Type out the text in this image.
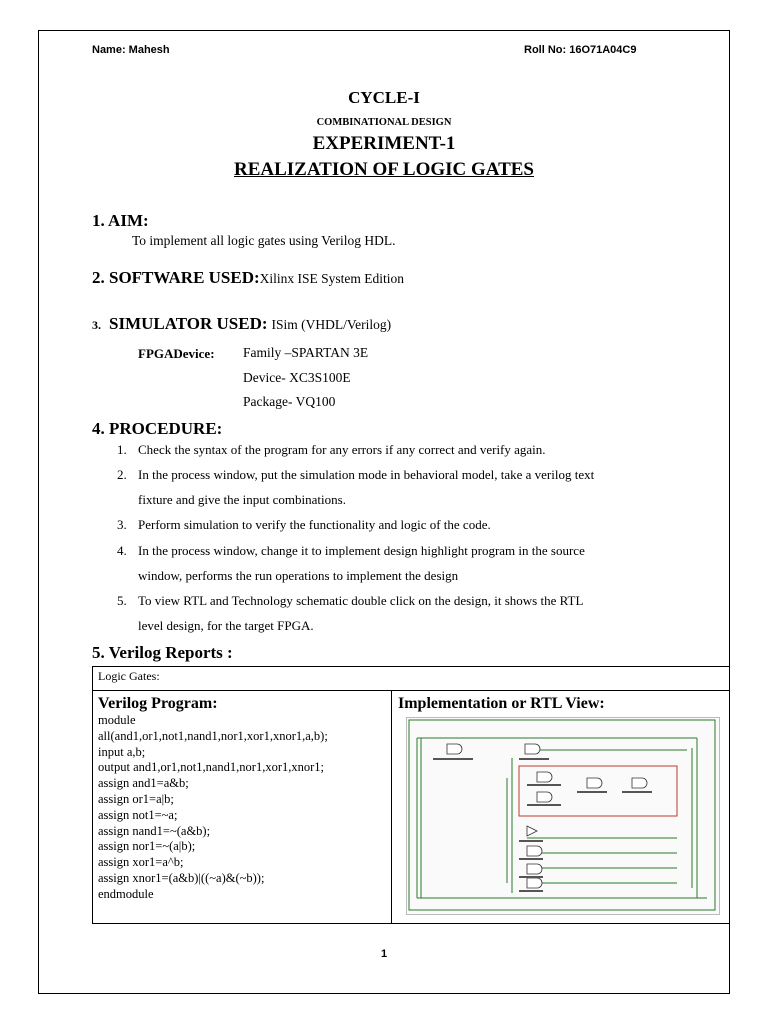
Name: Mahesh	Roll No: 16O71A04C9
CYCLE-I
COMBINATIONAL DESIGN
EXPERIMENT-1
REALIZATION OF LOGIC GATES
1. AIM:
To implement all logic gates using Verilog HDL.
2. SOFTWARE USED:Xilinx ISE System Edition
3. SIMULATOR USED: ISim (VHDL/Verilog)
FPGADevice: Family –SPARTAN 3E
Device- XC3S100E
Package- VQ100
4. PROCEDURE:
1. Check the syntax of the program for any errors if any correct and verify again.
2. In the process window, put the simulation mode in behavioral model, take a verilog text
fixture and give the input combinations.
3. Perform simulation to verify the functionality and logic of the code.
4. In the process window, change it to implement design highlight program in the source
window, performs the run operations to implement the design
5. To view RTL and Technology schematic double click on the design, it shows the RTL
level design, for the target FPGA.
5. Verilog Reports :
Logic Gates:
Verilog Program:
module
all(and1,or1,not1,nand1,nor1,xor1,xnor1,a,b);
input a,b;
output and1,or1,not1,nand1,nor1,xor1,xnor1;
assign and1=a&b;
assign or1=a|b;
assign not1=~a;
assign nand1=~(a&b);
assign nor1=~(a|b);
assign xor1=a^b;
assign xnor1=(a&b)|((~a)&(~b));
endmodule
Implementation or RTL View:
1
